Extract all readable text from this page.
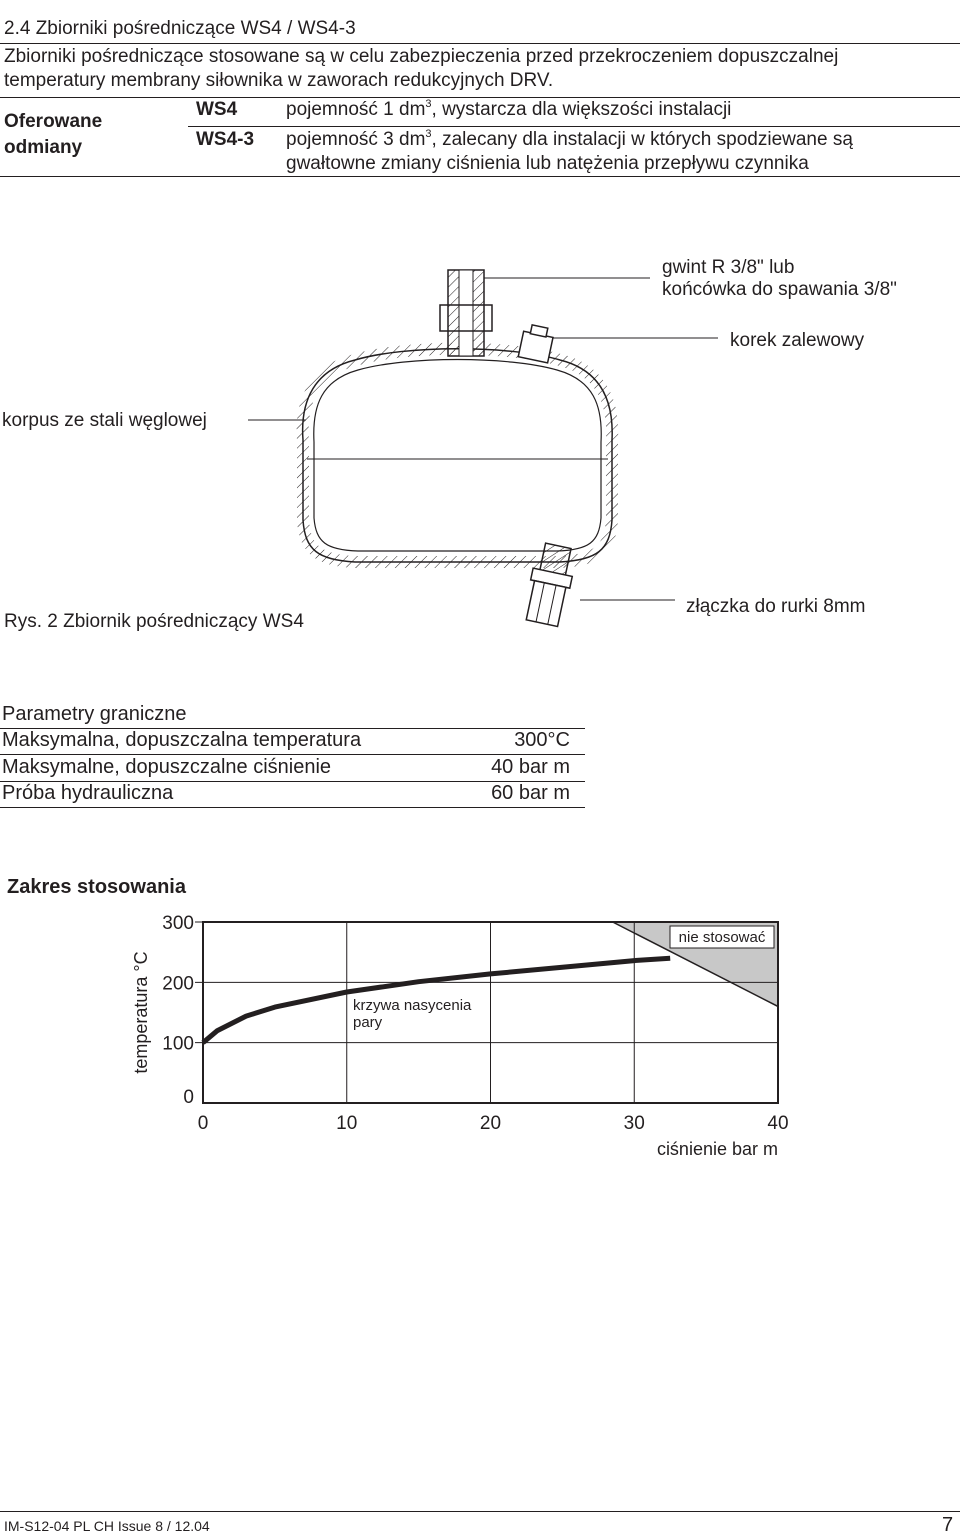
2.4 Zbiorniki pośredniczące WS4 / WS4-3
Zbiorniki pośredniczące stosowane są w celu zabezpieczenia przed przekroczeniem dopuszczalnej
temperatury membrany siłownika w zaworach redukcyjnych DRV.
Oferowane
odmiany
WS4	pojemność 1 $dm^3$, wystarcza dla większości instalacji
WS4-3 pojemność 3 $dm^3$, zalecany dla instalacji w których spodziewane są
gwałtowne zmiany ciśnienia lub natężenia przepływu czynnika
gwint R 3/8" lub
końcówka do spawania 3/8"
korek zalewowy
korpus ze stali węglowej
złączka do rurki 8mm
Rys. 2 Zbiornik pośredniczący WS4
Parametry graniczne
Maksymalna, dopuszczalna temperatura	300°C
Maksymalne, dopuszczalne ciśnienie	40 bar m
Próba hydrauliczna	60 bar m
Zakres stosowania
0	10	20	30	40
0
100
200
300
ciśnienie bar m
temperatura °C
nie stosować
krzywa nasycenia
pary
IM-S12-04 PL CH Issue 8 / 12.04	7
